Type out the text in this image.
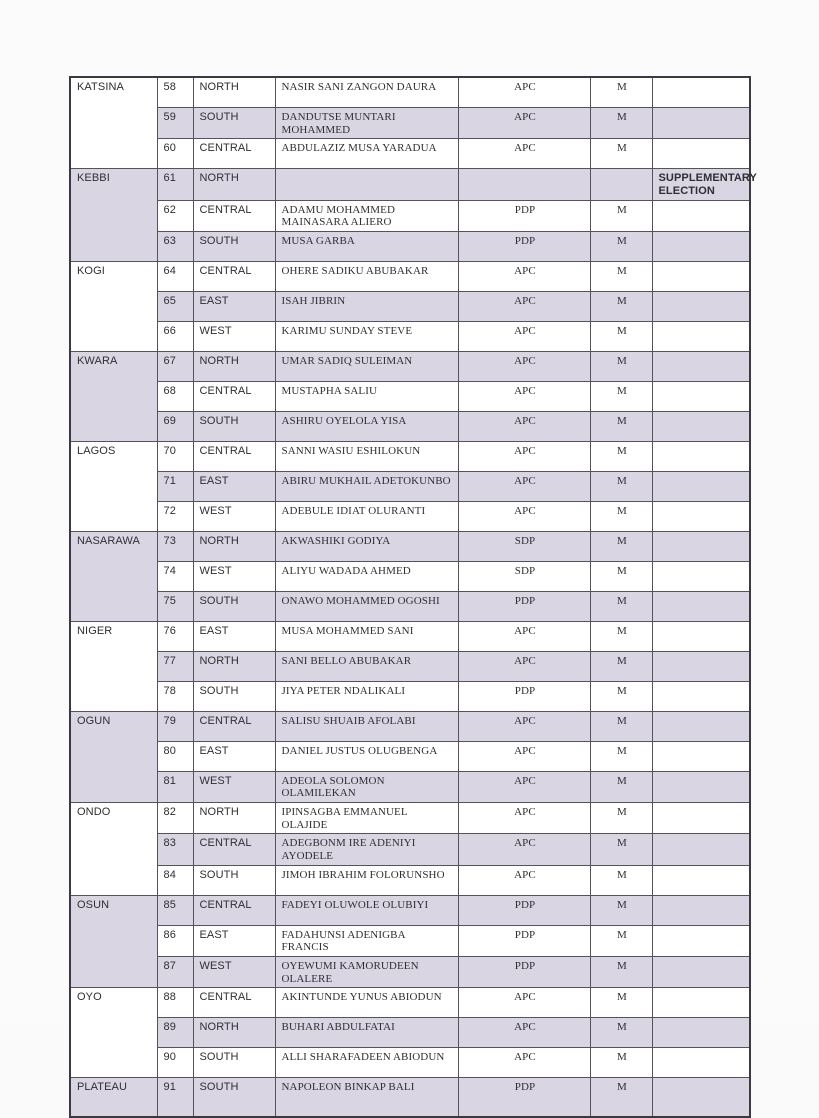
KATSINA	58	NORTH	NASIR SANI ZANGON DAURA	APC	M	
	59	SOUTH	DANDUTSE MUNTARI MOHAMMED	APC	M	
	60	CENTRAL	ABDULAZIZ MUSA YARADUA	APC	M	
KEBBI	61	NORTH				SUPPLEMENTARY ELECTION
	62	CENTRAL	ADAMU MOHAMMED MAINASARA ALIERO	PDP	M	
	63	SOUTH	MUSA GARBA	PDP	M	
KOGI	64	CENTRAL	OHERE SADIKU ABUBAKAR	APC	M	
	65	EAST	ISAH JIBRIN	APC	M	
	66	WEST	KARIMU SUNDAY STEVE	APC	M	
KWARA	67	NORTH	UMAR SADIQ SULEIMAN	APC	M	
	68	CENTRAL	MUSTAPHA SALIU	APC	M	
	69	SOUTH	ASHIRU OYELOLA YISA	APC	M	
LAGOS	70	CENTRAL	SANNI WASIU ESHILOKUN	APC	M	
	71	EAST	ABIRU MUKHAIL ADETOKUNBO	APC	M	
	72	WEST	ADEBULE IDIAT OLURANTI	APC	M	
NASARAWA	73	NORTH	AKWASHIKI GODIYA	SDP	M	
	74	WEST	ALIYU WADADA AHMED	SDP	M	
	75	SOUTH	ONAWO MOHAMMED OGOSHI	PDP	M	
NIGER	76	EAST	MUSA MOHAMMED SANI	APC	M	
	77	NORTH	SANI BELLO ABUBAKAR	APC	M	
	78	SOUTH	JIYA PETER NDALIKALI	PDP	M	
OGUN	79	CENTRAL	SALISU SHUAIB AFOLABI	APC	M	
	80	EAST	DANIEL JUSTUS OLUGBENGA	APC	M	
	81	WEST	ADEOLA SOLOMON OLAMILEKAN	APC	M	
ONDO	82	NORTH	IPINSAGBA EMMANUEL OLAJIDE	APC	M	
	83	CENTRAL	ADEGBONM IRE ADENIYI AYODELE	APC	M	
	84	SOUTH	JIMOH IBRAHIM FOLORUNSHO	APC	M	
OSUN	85	CENTRAL	FADEYI OLUWOLE OLUBIYI	PDP	M	
	86	EAST	FADAHUNSI ADENIGBA FRANCIS	PDP	M	
	87	WEST	OYEWUMI KAMORUDEEN OLALERE	PDP	M	
OYO	88	CENTRAL	AKINTUNDE YUNUS ABIODUN	APC	M	
	89	NORTH	BUHARI ABDULFATAI	APC	M	
	90	SOUTH	ALLI SHARAFADEEN ABIODUN	APC	M	
PLATEAU	91	SOUTH	NAPOLEON BINKAP BALI	PDP	M	
